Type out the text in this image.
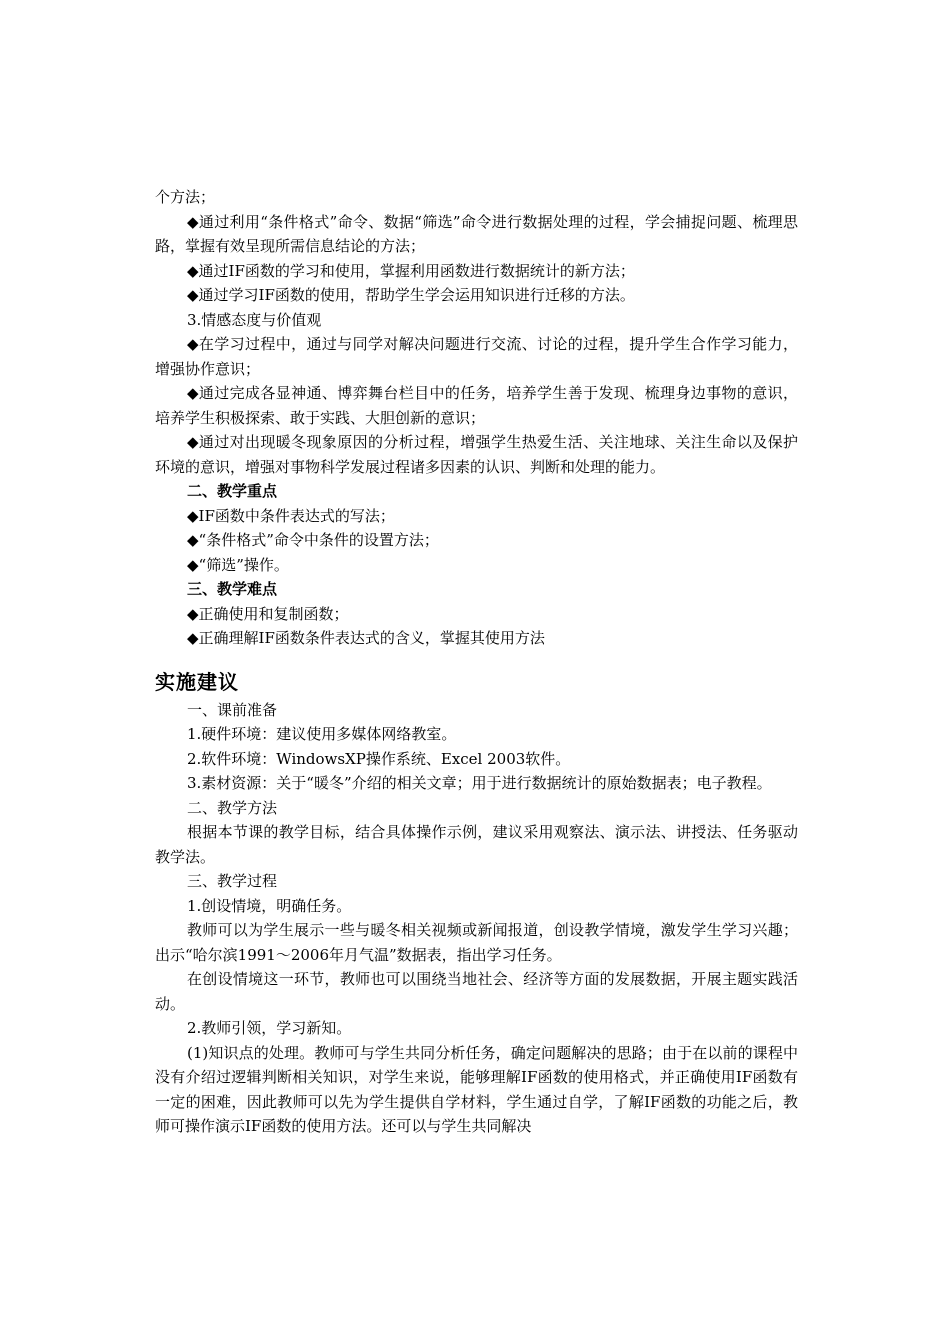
个方法；

◆通过利用“条件格式”命令、数据“筛选”命令进行数据处理的过程，学会捕捉问题、梳理思路，掌握有效呈现所需信息结论的方法；

◆通过IF函数的学习和使用，掌握利用函数进行数据统计的新方法；

◆通过学习IF函数的使用，帮助学生学会运用知识进行迁移的方法。

3.情感态度与价值观

◆在学习过程中，通过与同学对解决问题进行交流、讨论的过程，提升学生合作学习能力，增强协作意识；

◆通过完成各显神通、博弈舞台栏目中的任务，培养学生善于发现、梳理身边事物的意识，培养学生积极探索、敢于实践、大胆创新的意识；

◆通过对出现暖冬现象原因的分析过程，增强学生热爱生活、关注地球、关注生命以及保护环境的意识，增强对事物科学发展过程诸多因素的认识、判断和处理的能力。

二、教学重点

◆IF函数中条件表达式的写法；

◆“条件格式”命令中条件的设置方法；

◆“筛选”操作。

三、教学难点

◆正确使用和复制函数；

◆正确理解IF函数条件表达式的含义，掌握其使用方法

实施建议

一、课前准备

1.硬件环境：建议使用多媒体网络教室。

2.软件环境：WindowsXP操作系统、Excel 2003软件。

3.素材资源：关于“暖冬”介绍的相关文章；用于进行数据统计的原始数据表；电子教程。

二、教学方法

根据本节课的教学目标，结合具体操作示例，建议采用观察法、演示法、讲授法、任务驱动教学法。

三、教学过程

1.创设情境，明确任务。

教师可以为学生展示一些与暖冬相关视频或新闻报道，创设教学情境，激发学生学习兴趣；出示“哈尔滨1991～2006年月气温”数据表，指出学习任务。

在创设情境这一环节，教师也可以围绕当地社会、经济等方面的发展数据，开展主题实践活动。

2.教师引领，学习新知。

(1)知识点的处理。教师可与学生共同分析任务，确定问题解决的思路；由于在以前的课程中没有介绍过逻辑判断相关知识，对学生来说，能够理解IF函数的使用格式，并正确使用IF函数有一定的困难，因此教师可以先为学生提供自学材料，学生通过自学，了解IF函数的功能之后，教师可操作演示IF函数的使用方法。还可以与学生共同解决
